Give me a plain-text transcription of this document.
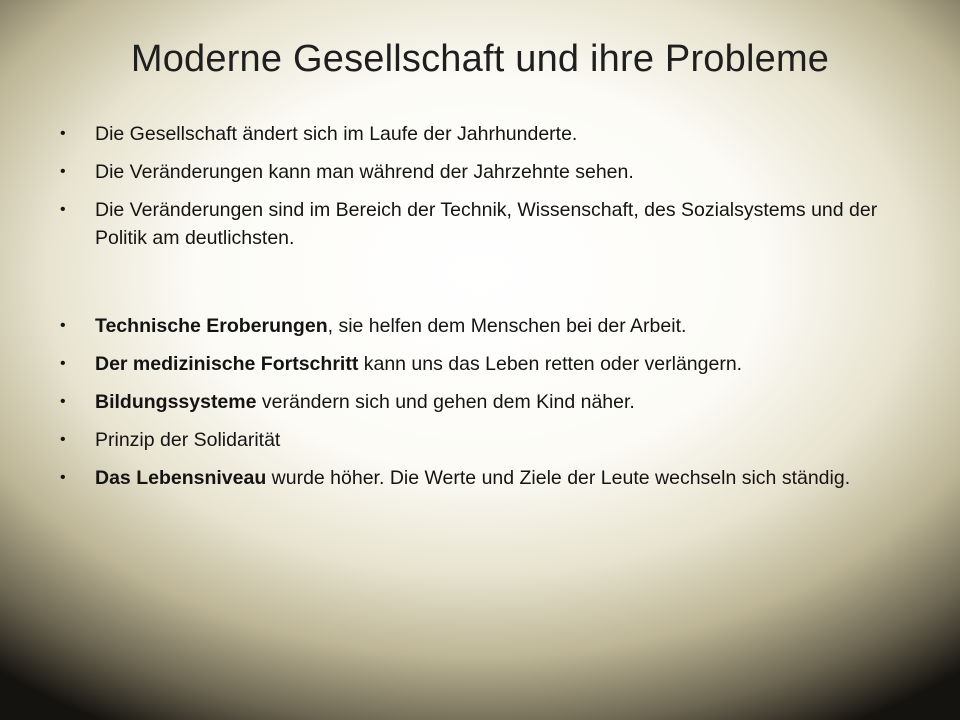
Moderne Gesellschaft und ihre Probleme
• Die Gesellschaft ändert sich im Laufe der Jahrhunderte.
• Die Veränderungen kann man während der Jahrzehnte sehen.
• Die Veränderungen sind im Bereich der Technik, Wissenschaft, des Sozialsystems und der Politik am deutlichsten.
• Technische Eroberungen, sie helfen dem Menschen bei der Arbeit.
• Der medizinische Fortschritt kann uns das Leben retten oder verlängern.
• Bildungssysteme verändern sich und gehen dem Kind näher.
• Prinzip der Solidarität
• Das Lebensniveau wurde höher. Die Werte und Ziele der Leute wechseln sich ständig.
